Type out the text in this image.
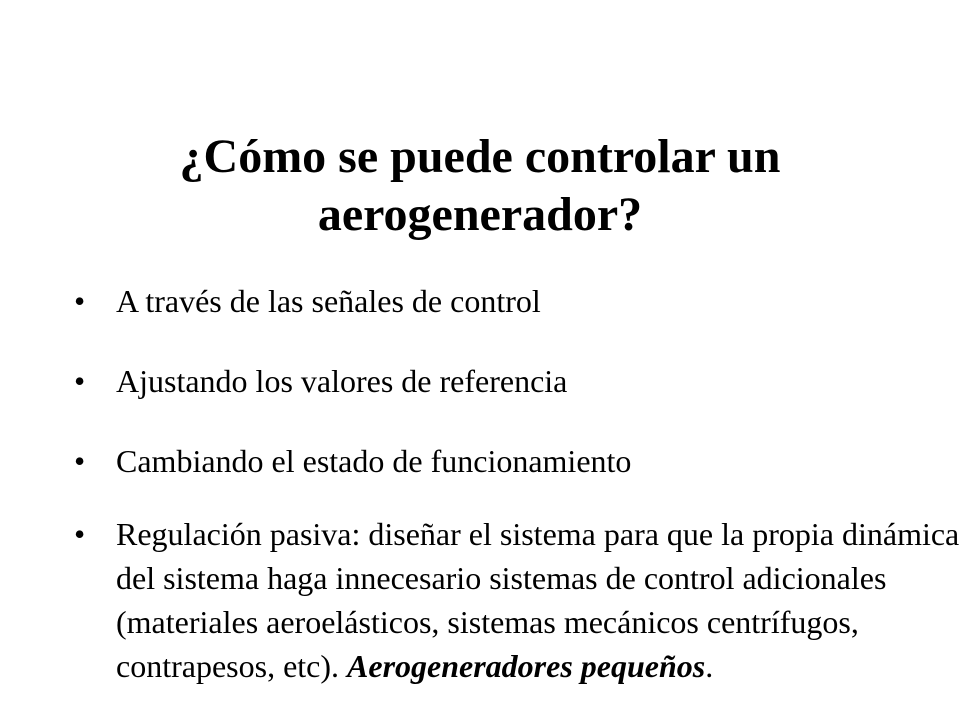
¿Cómo se puede controlar un
aerogenerador?
• A través de las señales de control
• Ajustando los valores de referencia
• Cambiando el estado de funcionamiento
• Regulación pasiva: diseñar el sistema para que la propia dinámica del sistema haga innecesario sistemas de control adicionales (materiales aeroelásticos, sistemas mecánicos centrífugos, contrapesos, etc). Aerogeneradores pequeños.
